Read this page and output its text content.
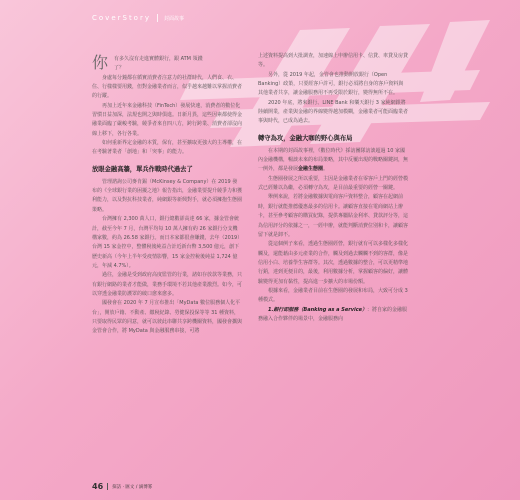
CoverStory	封面故事
你	有多久沒有走進實體銀行，跟 ATM 領錢
了？

身處每分鐘都在循實消費者注意力的社群時代，人們食、衣、住、行樣樣要用錢，但對金融業者而言，似乎越來越難以掌握消費者的行蹤。

再加上近年來金融科技（FinTech）發展快速，消費者的數位化習慣日益加深，法規也開之與時俱進。日新月異，這些因素都使得金融業面臨了嚴峻考驗，競爭者來自四八方，跨行跨業、消費者卻沒向線上移下，各行各業。

如何重新界定金融的本質，保有，甚至擴取更強大的主導權，在在考驗著業者「創地」和「突事」的能力。

放眼金融高牆，單兵作戰時代過去了

管理諮詢公司麥肯錫（McKinsey & Company）在 2019 發布的《全球銀行業的困擾之地》報告指出，金融業要提升競爭力和獲利能力，以及對抗科技業者，純網銀等新興對手，就必須擁抱生態圈策略。

台灣擁有 2,300 萬人口，銀行總數卻高達 66 家，據金管會統計，截至今年 7 月，台灣平均每 10 萬人擁有約 26 家銀行分支機構家數，約為 26.58 家銀行。而日本家都很會賺錢，去年（2019）台灣 15 家金控中，整體稅後純益合計近新台幣 3,500 億元，創下歷史新高（今年上半年受疫情影響，15 家金控稅後純益 1,724 億元，年減 4.7%）。

過往，金融是受到政府高度監管的行業，諸如存放款等業務，只有銀行網路的業者才能做，業務手環境不若其他產業激烈。如今，可以穿透金融業防護罩的破口愈來愈多。

國發會在 2020 年 7 月宣布推出「MyData 數位服務個人化平台」，開放戶籍、不動產、繳稅紀錄、勞健保投保等等 31 種資料，只要取得民眾的同意，就可以彼此串聯共享跨機關資料，國發會攜與金管會合作，將 MyData 與金融服務串接，可將

上述資料提高到大批調查，加速線上申辦信用卡、信貸、車貸及房貸等。

另外，從 2019 年起，金管會也推動開放銀行（Open Banking）政策，只要經客戶許可，銀行必須將自身的客戶資料與其他業者共享，讓金融服務用不再受限於銀行，變得無所不在。

2020 年底，將來銀行、LINE Bank 和樂天銀行 3 家純網銀將陸續開業，產業與金融的界線變得越加模糊，金融業者可能面臨業者事與時代，已成為過去。

轉守為攻，金融大咖的野心與布局

在本期的封面故事裡，《數位時代》採訪團隊訪談超過 10 家國內金融機構，暢談未來的布局策略，其中反覆出現的戰略關鍵詞，無一例外，都是發展金融生態圈。

生態圈發展之所以重要，主因是金融業者在零客戶上門的經營模式已經難以為繼，必須轉守為攻，是目前最重要的經營一關鍵。

舉例來說，若將金融數據與電商客戶資料整合，顧客在起網前時，銀行就能推薦優惠最多的信用卡。讓顧客直接在電商網站上辦卡，甚至參考顧客的購買紀錄，提供專屬貼金利率、貸款評分等，這為信用評分的依據之一，一經申辦，就能判斷消費位別和卡，讓顧客留下就是卸不。

從這個例子來看，透過生態圈經營，銀行就有可以多樣化多樣化觸及，還能藉由多元產業的合作，觸及到過去觸觸不到的客群，像是信用小白、培養學生客群等。其次，透過數據的整合，可以更精準地行銷，達到更便目的，最後，利用數據分析，掌握顧客的偏好，讓體驗變得更加有黏性，提高進一步擴大的市場份額。

根據來看，金融業者目前在生態圈的發展和布局，大致可分成 3 種模式。

1.銀行即服務（Banking as a Service）：將自家的金融服務融入合作夥伴的場景中，金融服務向

46 探訪 · 匯文 / 滴博寡
